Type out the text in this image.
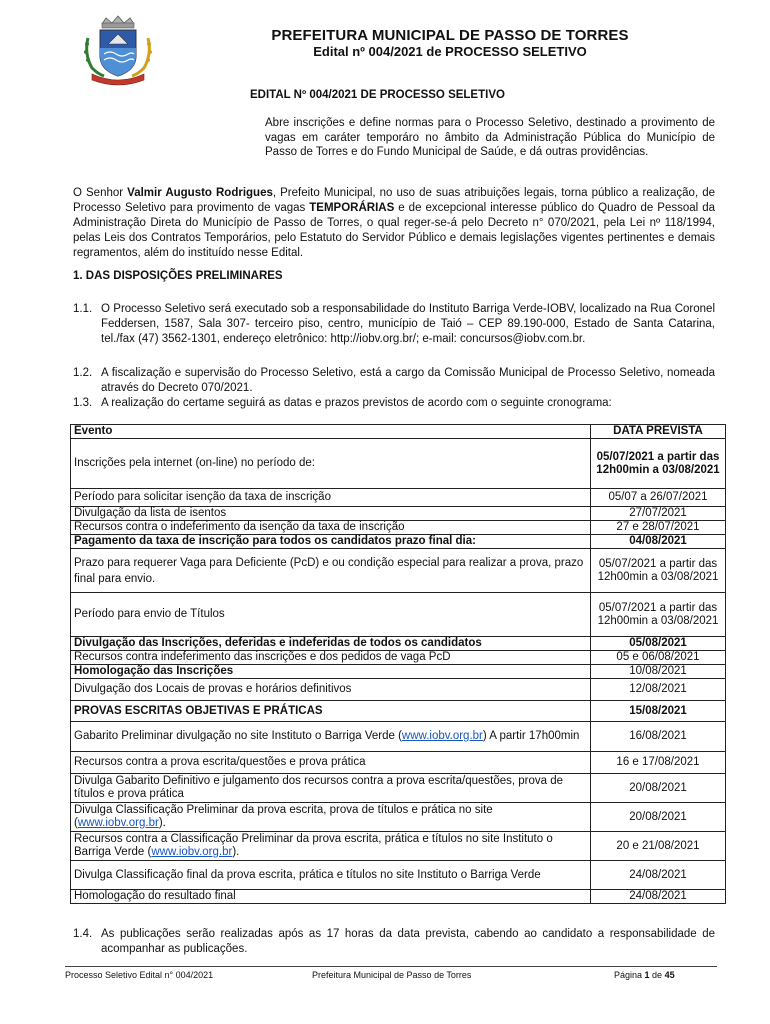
PREFEITURA MUNICIPAL DE PASSO DE TORRES
Edital nº 004/2021 de PROCESSO SELETIVO
EDITAL Nº 004/2021 DE PROCESSO SELETIVO
Abre inscrições e define normas para o Processo Seletivo, destinado a provimento de vagas em caráter temporáro no âmbito da Administração Pública do Município de Passo de Torres e do Fundo Municipal de Saúde, e dá outras providências.
O Senhor Valmir Augusto Rodrigues, Prefeito Municipal, no uso de suas atribuições legais, torna público a realização, de Processo Seletivo para provimento de vagas TEMPORÁRIAS e de excepcional interesse público do Quadro de Pessoal da Administração Direta do Município de Passo de Torres, o qual reger-se-á pelo Decreto n° 070/2021, pela Lei nº 118/1994, pelas Leis dos Contratos Temporários, pelo Estatuto do Servidor Público e demais legislações vigentes pertinentes e demais regramentos, além do instituído nesse Edital.
1. DAS DISPOSIÇÕES PRELIMINARES
1.1. O Processo Seletivo será executado sob a responsabilidade do Instituto Barriga Verde-IOBV, localizado na Rua Coronel Feddersen, 1587, Sala 307- terceiro piso, centro, município de Taió – CEP 89.190-000, Estado de Santa Catarina, tel./fax (47) 3562-1301, endereço eletrônico: http://iobv.org.br/; e-mail: concursos@iobv.com.br.
1.2. A fiscalização e supervisão do Processo Seletivo, está a cargo da Comissão Municipal de Processo Seletivo, nomeada através do Decreto 070/2021.
1.3. A realização do certame seguirá as datas e prazos previstos de acordo com o seguinte cronograma:
Evento	DATA PREVISTA
Inscrições pela internet (on-line) no período de:	05/07/2021 a partir das 12h00min a 03/08/2021
Período para solicitar isenção da taxa de inscrição	05/07 a 26/07/2021
Divulgação da lista de isentos	27/07/2021
Recursos contra o indeferimento da isenção da taxa de inscrição	27 e 28/07/2021
Pagamento da taxa de inscrição para todos os candidatos prazo final dia:	04/08/2021
Prazo para requerer Vaga para Deficiente (PcD) e ou condição especial para realizar a prova, prazo final para envio.	05/07/2021 a partir das 12h00min a 03/08/2021
Período para envio de Títulos	05/07/2021 a partir das 12h00min a 03/08/2021
Divulgação das Inscrições, deferidas e indeferidas de todos os candidatos	05/08/2021
Recursos contra indeferimento das inscrições e dos pedidos de vaga PcD	05 e 06/08/2021
Homologação das Inscrições	10/08/2021
Divulgação dos Locais de provas e horários definitivos	12/08/2021
PROVAS ESCRITAS OBJETIVAS E PRÁTICAS	15/08/2021
Gabarito Preliminar divulgação no site Instituto o Barriga Verde (www.iobv.org.br) A partir 17h00min	16/08/2021
Recursos contra a prova escrita/questões e prova prática	16 e 17/08/2021
Divulga Gabarito Definitivo e julgamento dos recursos contra a prova escrita/questões, prova de títulos e prova prática	20/08/2021
Divulga Classificação Preliminar da prova escrita, prova de títulos e prática no site (www.iobv.org.br).	20/08/2021
Recursos contra a Classificação Preliminar da prova escrita, prática e títulos no site Instituto o Barriga Verde (www.iobv.org.br).	20 e 21/08/2021
Divulga Classificação final da prova escrita, prática e títulos no site Instituto o Barriga Verde	24/08/2021
Homologação do resultado final	24/08/2021
1.4. As publicações serão realizadas após as 17 horas da data prevista, cabendo ao candidato a responsabilidade de acompanhar as publicações.
Processo Seletivo Edital n° 004/2021	Prefeitura Municipal de Passo de Torres	Página 1 de 45
